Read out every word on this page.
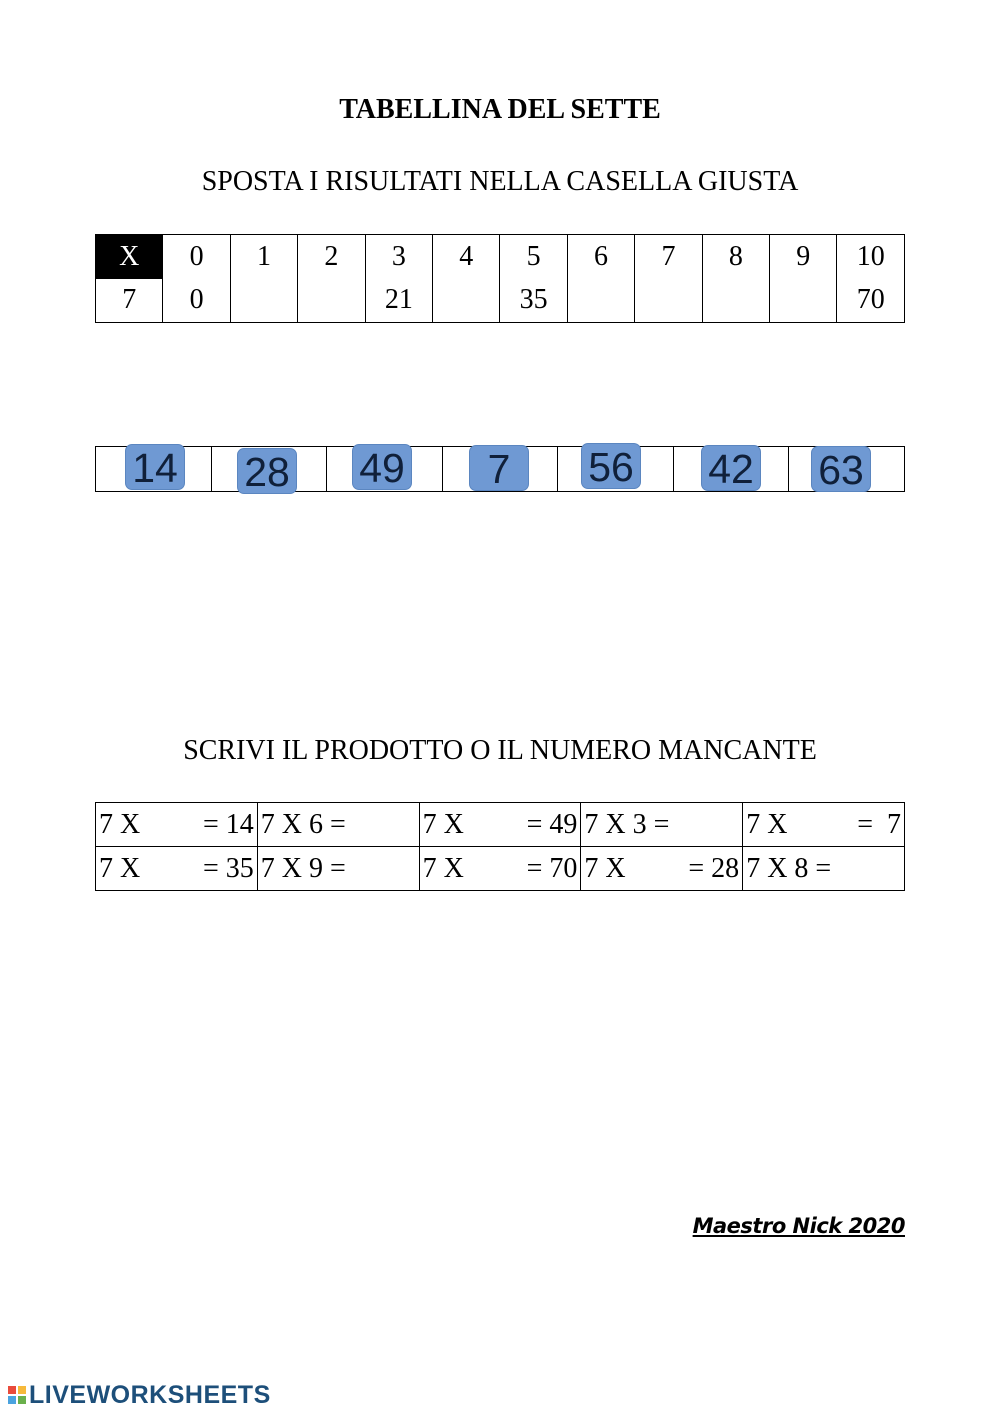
TABELLINA DEL SETTE
SPOSTA I RISULTATI NELLA CASELLA GIUSTA
X	0	1	2	3	4	5	6	7	8	9	10
7	0			21		35					70
14 28 49	7	56 42 63
SCRIVI IL PRODOTTO O IL NUMERO MANCANTE
7 X = 14	7 X 6 =	7 X = 49	7 X 3 =	7 X =  7

7 X = 35	7 X 9 =	7 X = 70	7 X = 28	7 X 8 =
Maestro Nick 2020
LIVEWORKSHEETS
